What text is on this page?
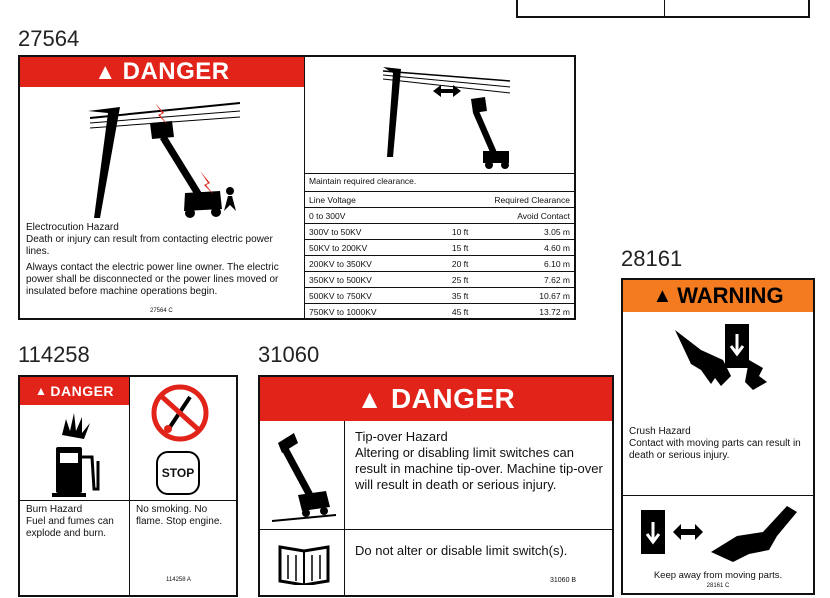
27564
▲ DANGER
Electrocution Hazard
Death or injury can result from contacting electric power lines.
Always contact the electric power line owner. The electric power shall be disconnected or the power lines moved or insulated before machine operations begin.
27564 C
Maintain required clearance.
Line Voltage	Required Clearance	
0 to 300V		Avoid Contact
300V to 50KV	10 ft	3.05 m
50KV to 200KV	15 ft	4.60 m
200KV to 350KV	20 ft	6.10 m
350KV to 500KV	25 ft	7.62 m
500KV to 750KV	35 ft	10.67 m
750KV to 1000KV	45 ft	13.72 m
114258
▲ DANGER
Burn Hazard
Fuel and fumes can explode and burn.
STOP
No smoking. No flame. Stop engine.
114258 A
31060
▲ DANGER
Tip-over Hazard
Altering or disabling limit switches can result in machine tip-over. Machine tip-over will result in death or serious injury.
Do not alter or disable limit switch(s).
31060 B
28161
▲ WARNING
Crush Hazard
Contact with moving parts can result in death or serious injury.
Keep away from moving parts.
28161 C
